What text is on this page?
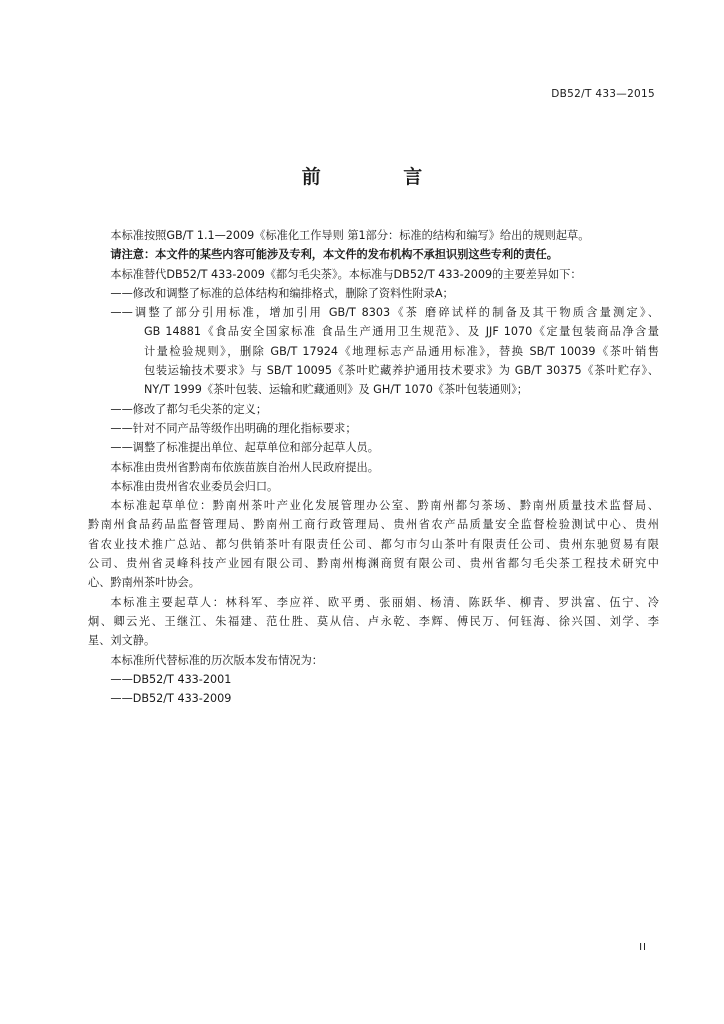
DB52/T 433—2015
前 言

本标准按照GB/T 1.1—2009《标准化工作导则 第1部分：标准的结构和编写》给出的规则起草。

请注意：本文件的某些内容可能涉及专利，本文件的发布机构不承担识别这些专利的责任。

本标准替代DB52/T 433-2009《都匀毛尖茶》。本标准与DB52/T 433-2009的主要差异如下：

——修改和调整了标准的总体结构和编排格式，删除了资料性附录A；

——调整了部分引用标准，增加引用 GB/T 8303《茶 磨碎试样的制备及其干物质含量测定》、
GB 14881《食品安全国家标准 食品生产通用卫生规范》、及 JJF 1070《定量包装商品净含量
计量检验规则》，删除 GB/T 17924《地理标志产品通用标准》，替换 SB/T 10039《茶叶销售
包装运输技术要求》与 SB/T 10095《茶叶贮藏养护通用技术要求》为 GB/T 30375《茶叶贮存》、
NY/T 1999《茶叶包装、运输和贮藏通则》及 GH/T 1070《茶叶包装通则》；

——修改了都匀毛尖茶的定义；

——针对不同产品等级作出明确的理化指标要求；

——调整了标准提出单位、起草单位和部分起草人员。

本标准由贵州省黔南布依族苗族自治州人民政府提出。

本标准由贵州省农业委员会归口。

本标准起草单位：黔南州茶叶产业化发展管理办公室、黔南州都匀茶场、黔南州质量技术监督局、
黔南州食品药品监督管理局、黔南州工商行政管理局、贵州省农产品质量安全监督检验测试中心、贵州
省农业技术推广总站、都匀供销茶叶有限责任公司、都匀市匀山茶叶有限责任公司、贵州东驰贸易有限
公司、贵州省灵峰科技产业园有限公司、黔南州梅渊商贸有限公司、贵州省都匀毛尖茶工程技术研究中
心、黔南州茶叶协会。

本标准主要起草人：林科军、李应祥、欧平勇、张丽娟、杨清、陈跃华、柳青、罗洪富、伍宁、冷
炯、卿云光、王继江、朱福建、范仕胜、莫从信、卢永乾、李辉、傅民万、何钰海、徐兴国、刘学、李
星、刘文静。

本标准所代替标准的历次版本发布情况为：

——DB52/T 433-2001

——DB52/T 433-2009

II
